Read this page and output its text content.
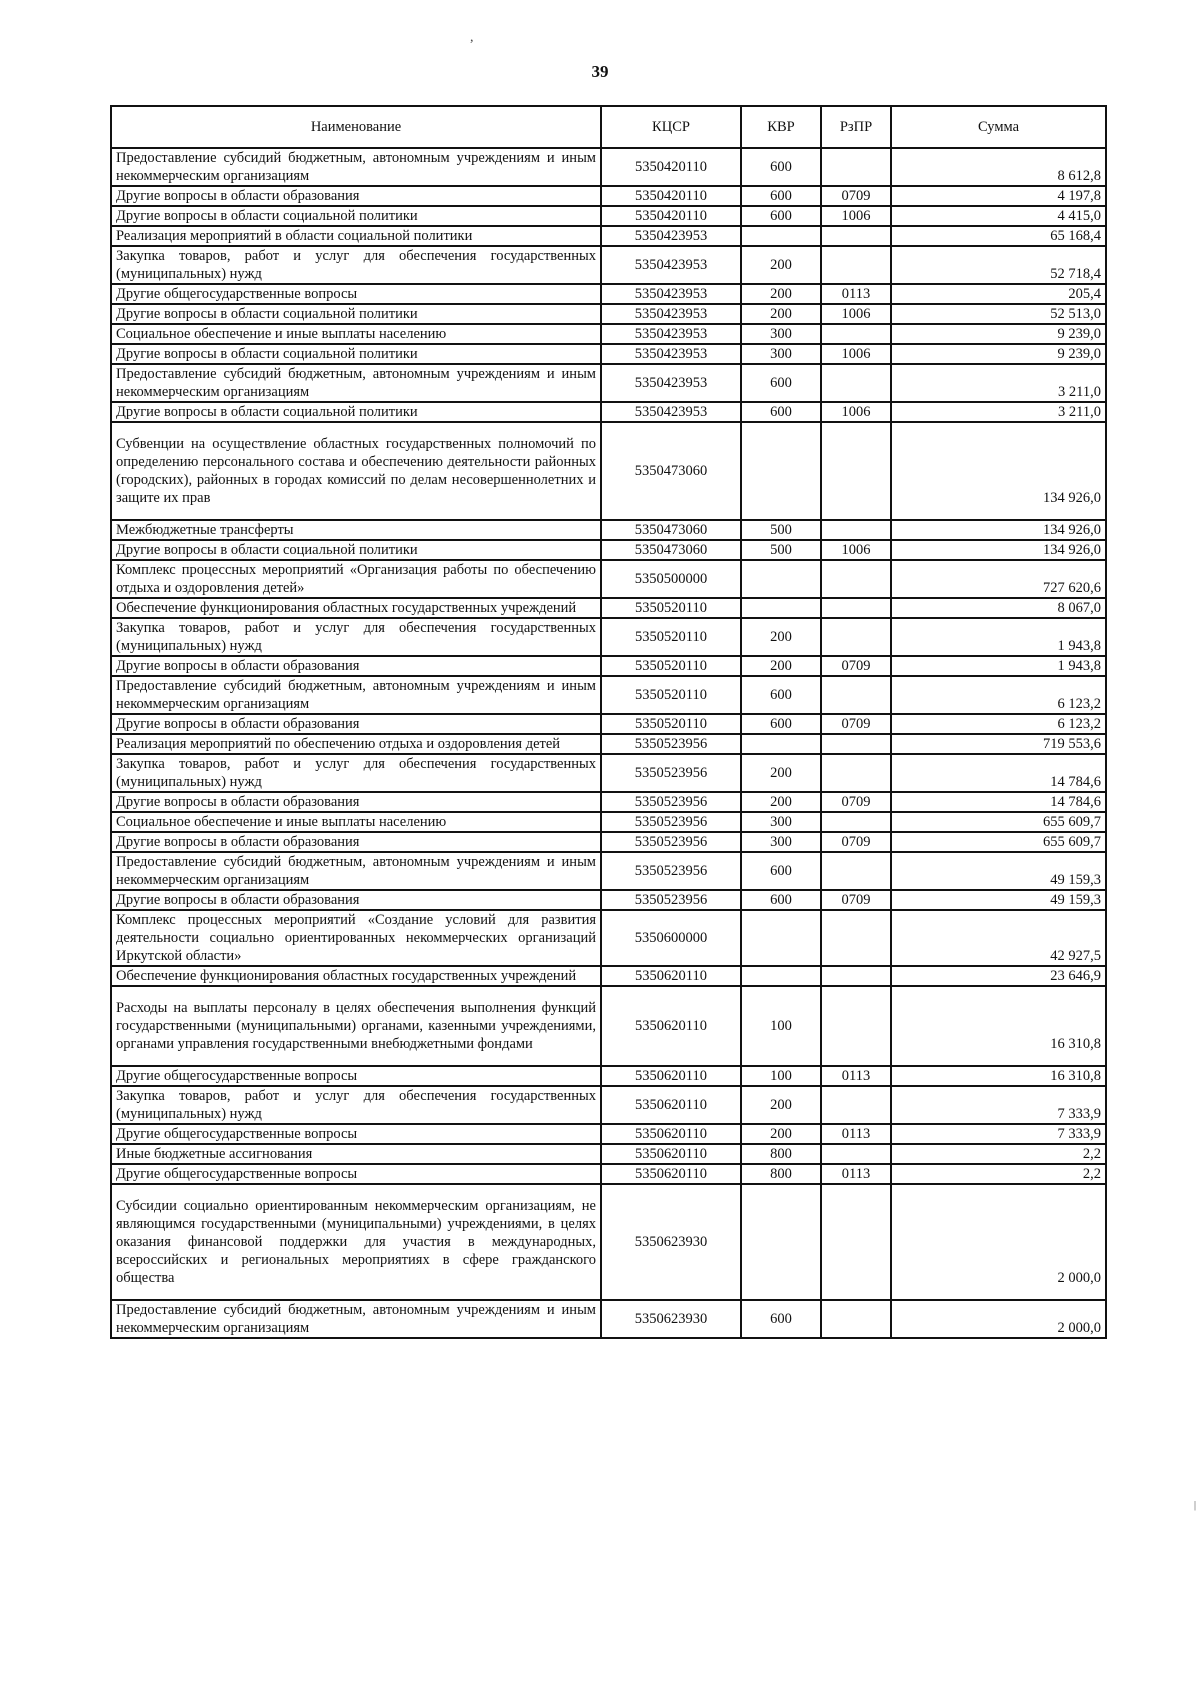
39
,
|
Наименование	КЦСР	КВР	РзПР	Сумма
Предоставление субсидий бюджетным, автономным учреждениям и иным некоммерческим организациям	5350420110	600		8 612,8
Другие вопросы в области образования	5350420110	600	0709	4 197,8
Другие вопросы в области социальной политики	5350420110	600	1006	4 415,0
Реализация мероприятий в области социальной политики	5350423953			65 168,4
Закупка товаров, работ и услуг для обеспечения государственных (муниципальных) нужд	5350423953	200		52 718,4
Другие общегосударственные вопросы	5350423953	200	0113	205,4
Другие вопросы в области социальной политики	5350423953	200	1006	52 513,0
Социальное обеспечение и иные выплаты населению	5350423953	300		9 239,0
Другие вопросы в области социальной политики	5350423953	300	1006	9 239,0
Предоставление субсидий бюджетным, автономным учреждениям и иным некоммерческим организациям	5350423953	600		3 211,0
Другие вопросы в области социальной политики	5350423953	600	1006	3 211,0
Субвенции на осуществление областных государственных полномочий по определению персонального состава и обеспечению деятельности районных (городских), районных в городах комиссий по делам несовершеннолетних и защите их прав	5350473060			134 926,0
Межбюджетные трансферты	5350473060	500		134 926,0
Другие вопросы в области социальной политики	5350473060	500	1006	134 926,0
Комплекс процессных мероприятий «Организация работы по обеспечению отдыха и оздоровления детей»	5350500000			727 620,6
Обеспечение функционирования областных государственных учреждений	5350520110			8 067,0
Закупка товаров, работ и услуг для обеспечения государственных (муниципальных) нужд	5350520110	200		1 943,8
Другие вопросы в области образования	5350520110	200	0709	1 943,8
Предоставление субсидий бюджетным, автономным учреждениям и иным некоммерческим организациям	5350520110	600		6 123,2
Другие вопросы в области образования	5350520110	600	0709	6 123,2
Реализация мероприятий по обеспечению отдыха и оздоровления детей	5350523956			719 553,6
Закупка товаров, работ и услуг для обеспечения государственных (муниципальных) нужд	5350523956	200		14 784,6
Другие вопросы в области образования	5350523956	200	0709	14 784,6
Социальное обеспечение и иные выплаты населению	5350523956	300		655 609,7
Другие вопросы в области образования	5350523956	300	0709	655 609,7
Предоставление субсидий бюджетным, автономным учреждениям и иным некоммерческим организациям	5350523956	600		49 159,3
Другие вопросы в области образования	5350523956	600	0709	49 159,3
Комплекс процессных мероприятий «Создание условий для развития деятельности социально ориентированных некоммерческих организаций Иркутской области»	5350600000			42 927,5
Обеспечение функционирования областных государственных учреждений	5350620110			23 646,9
Расходы на выплаты персоналу в целях обеспечения выполнения функций государственными (муниципальными) органами, казенными учреждениями, органами управления государственными внебюджетными фондами	5350620110	100		16 310,8
Другие общегосударственные вопросы	5350620110	100	0113	16 310,8
Закупка товаров, работ и услуг для обеспечения государственных (муниципальных) нужд	5350620110	200		7 333,9
Другие общегосударственные вопросы	5350620110	200	0113	7 333,9
Иные бюджетные ассигнования	5350620110	800		2,2
Другие общегосударственные вопросы	5350620110	800	0113	2,2
Субсидии социально ориентированным некоммерческим организациям, не являющимся государственными (муниципальными) учреждениями, в целях оказания финансовой поддержки для участия в международных, всероссийских и региональных мероприятиях в сфере гражданского общества	5350623930			2 000,0
Предоставление субсидий бюджетным, автономным учреждениям и иным некоммерческим организациям	5350623930	600		2 000,0
